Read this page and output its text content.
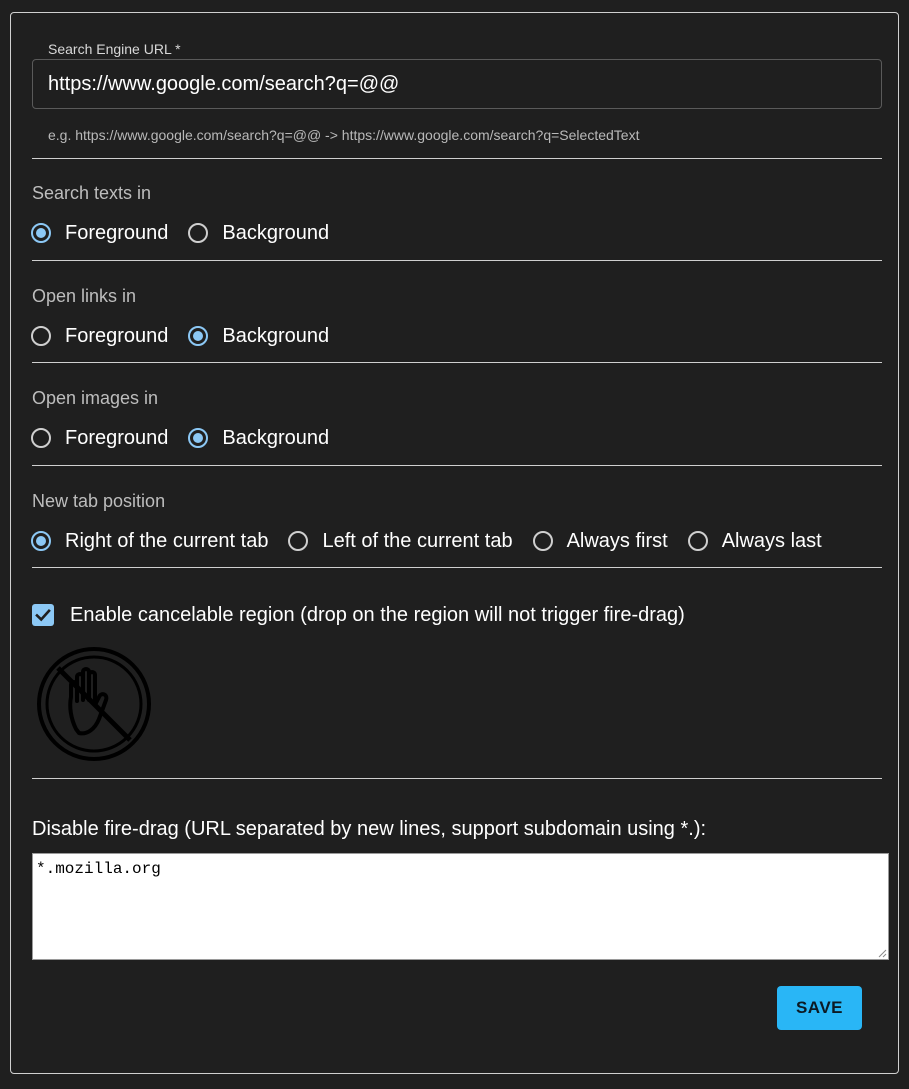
https://www.google.com/search?q=@@
Search Engine URL *
e.g. https://www.google.com/search?q=@@ -> https://www.google.com/search?q=SelectedText
Search texts in
Foreground	Background
Open links in
Foreground	Background
Open images in
Foreground	Background
New tab position
Right of the current tab	Left of the current tab	Always first	Always last
Enable cancelable region (drop on the region will not trigger fire-drag)
Disable fire-drag (URL separated by new lines, support subdomain using *.):
*.mozilla.org
SAVE
